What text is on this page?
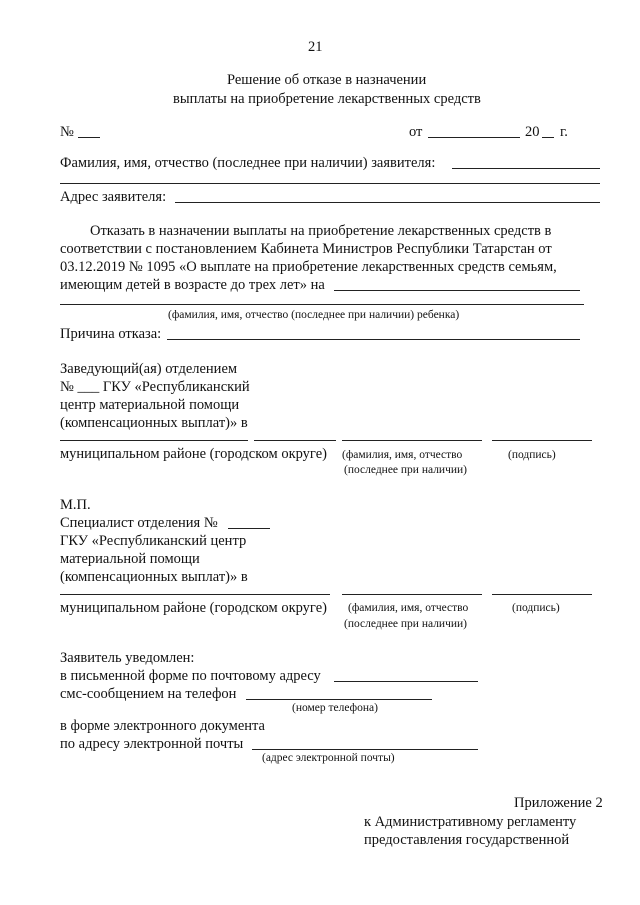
21
Решение об отказе в назначении
выплаты на приобретение лекарственных средств
№	от	20 г.
Фамилия, имя, отчество (последнее при наличии) заявителя:
Адрес заявителя:
Отказать в назначении выплаты на приобретение лекарственных средств в
соответствии с постановлением Кабинета Министров Республики Татарстан от
03.12.2019 № 1095 «О выплате на приобретение лекарственных средств семьям,
имеющим детей в возрасте до трех лет» на
(фамилия, имя, отчество (последнее при наличии) ребенка)
Причина отказа:
Заведующий(ая) отделением
№ ___ ГКУ «Республиканский
центр материальной помощи
(компенсационных выплат)» в
муниципальном районе (городском округе) (фамилия, имя, отчество	(подпись)
(последнее при наличии)
М.П.
Специалист отделения №
ГКУ «Республиканский центр
материальной помощи
(компенсационных выплат)» в
муниципальном районе (городском округе) (фамилия, имя, отчество	(подпись)
(последнее при наличии)
Заявитель уведомлен:
в письменной форме по почтовому адресу
смс-сообщением на телефон
(номер телефона)
в форме электронного документа
по адресу электронной почты
(адрес электронной почты)
Приложение 2
к Административному регламенту
предоставления государственной
